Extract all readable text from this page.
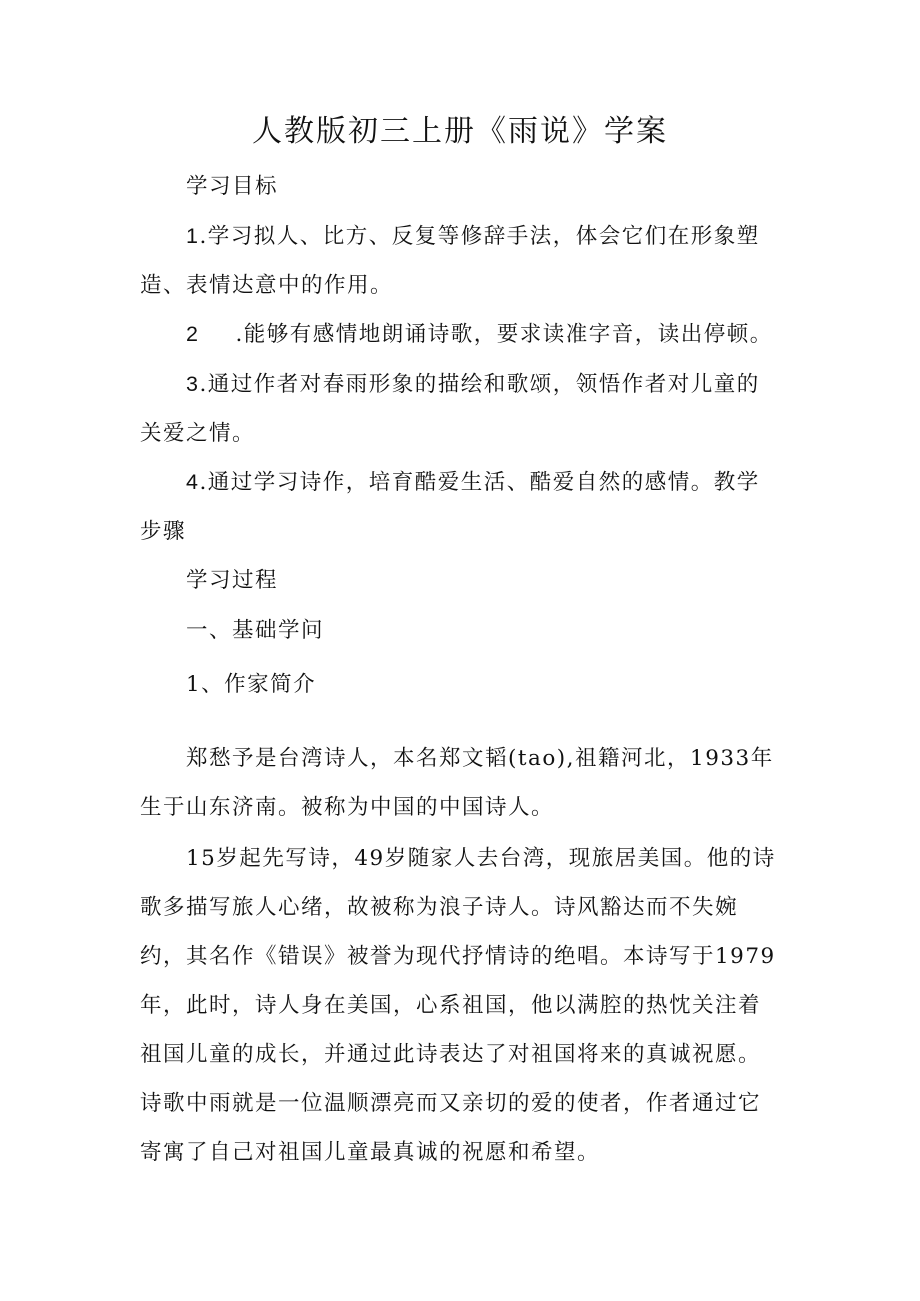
人教版初三上册《雨说》学案

学习目标

1.学习拟人、比方、反复等修辞手法，体会它们在形象塑造、表情达意中的作用。

2 .能够有感情地朗诵诗歌，要求读准字音，读出停顿。

3.通过作者对春雨形象的描绘和歌颂，领悟作者对儿童的关爱之情。

4.通过学习诗作，培育酷爱生活、酷爱自然的感情。教学步骤

学习过程

一、基础学问

1、作家简介

郑愁予是台湾诗人，本名郑文韬(tao),祖籍河北，1933年生于山东济南。被称为中国的中国诗人。

15岁起先写诗，49岁随家人去台湾，现旅居美国。他的诗歌多描写旅人心绪，故被称为浪子诗人。诗风豁达而不失婉约，其名作《错误》被誉为现代抒情诗的绝唱。本诗写于1979年，此时，诗人身在美国，心系祖国，他以满腔的热忱关注着祖国儿童的成长，并通过此诗表达了对祖国将来的真诚祝愿。诗歌中雨就是一位温顺漂亮而又亲切的爱的使者，作者通过它寄寓了自己对祖国儿童最真诚的祝愿和希望。
